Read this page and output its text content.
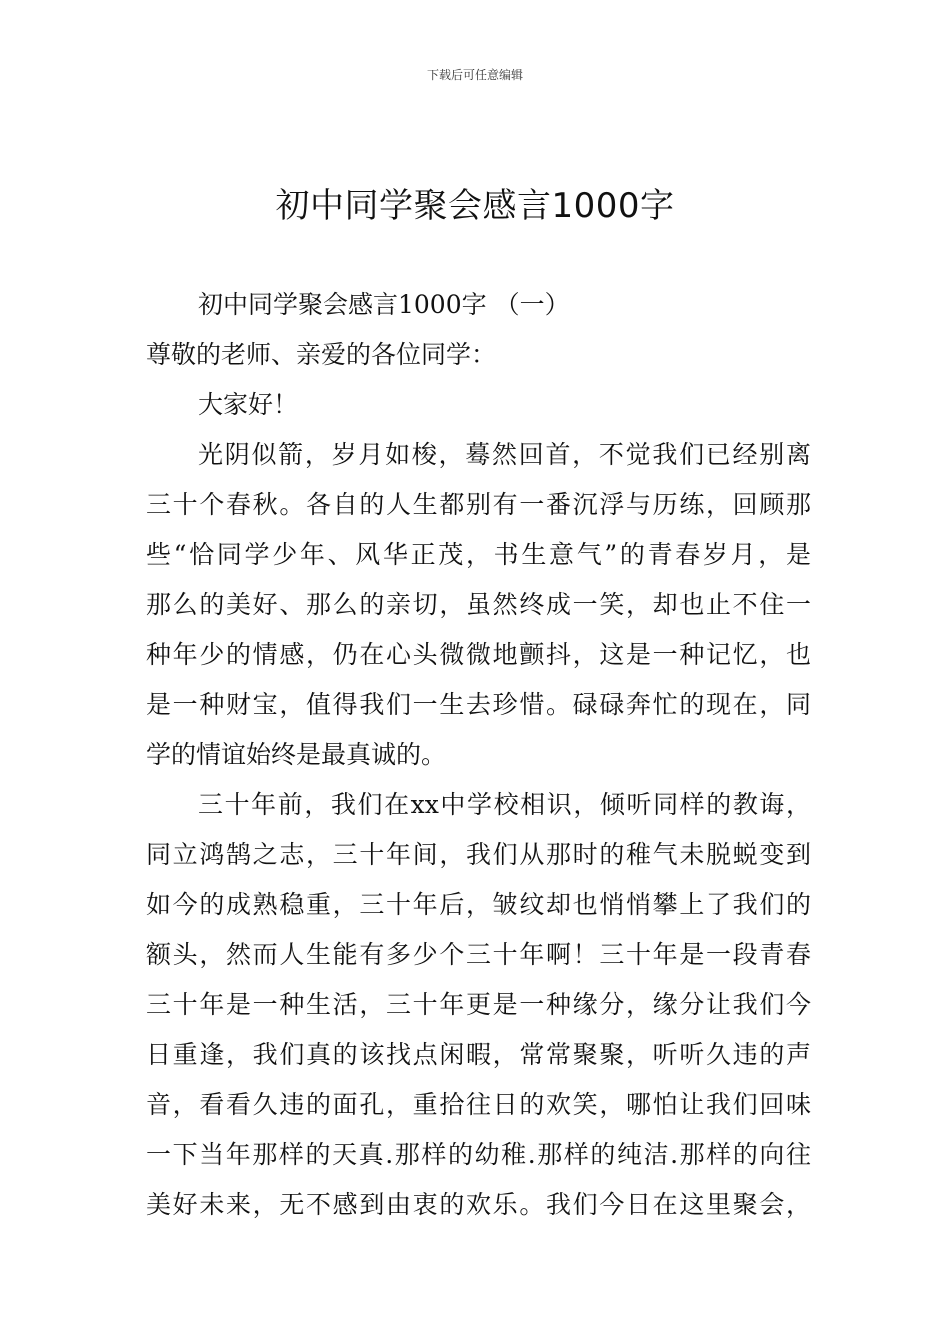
下载后可任意编辑
初中同学聚会感言1000字
初中同学聚会感言1000字 （一）
尊敬的老师、亲爱的各位同学：
大家好！
光阴似箭，岁月如梭，蓦然回首，不觉我们已经别离
三十个春秋。各自的人生都别有一番沉浮与历练，回顾那
些“恰同学少年、风华正茂，书生意气”的青春岁月，是
那么的美好、那么的亲切，虽然终成一笑，却也止不住一
种年少的情感，仍在心头微微地颤抖，这是一种记忆，也
是一种财宝，值得我们一生去珍惜。碌碌奔忙的现在，同
学的情谊始终是最真诚的。
三十年前，我们在xx中学校相识，倾听同样的教诲，
同立鸿鹄之志，三十年间，我们从那时的稚气未脱蜕变到
如今的成熟稳重，三十年后，皱纹却也悄悄攀上了我们的
额头，然而人生能有多少个三十年啊！三十年是一段青春
三十年是一种生活，三十年更是一种缘分，缘分让我们今
日重逢，我们真的该找点闲暇，常常聚聚，听听久违的声
音，看看久违的面孔，重拾往日的欢笑，哪怕让我们回味
一下当年那样的天真.那样的幼稚.那样的纯洁.那样的向往
美好未来，无不感到由衷的欢乐。我们今日在这里聚会，
